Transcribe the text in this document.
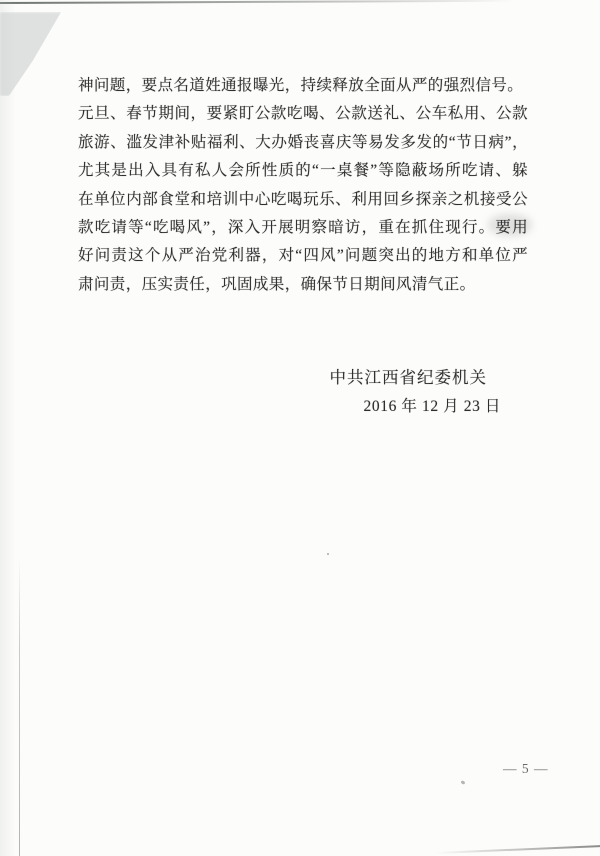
神问题，要点名道姓通报曝光，持续释放全面从严的强烈信号。
元旦、春节期间，要紧盯公款吃喝、公款送礼、公车私用、公款
旅游、滥发津补贴福利、大办婚丧喜庆等易发多发的“节日病”，
尤其是出入具有私人会所性质的“一桌餐”等隐蔽场所吃请、躲
在单位内部食堂和培训中心吃喝玩乐、利用回乡探亲之机接受公
款吃请等“吃喝风”，深入开展明察暗访，重在抓住现行。要用
好问责这个从严治党利器，对“四风”问题突出的地方和单位严
肃问责，压实责任，巩固成果，确保节日期间风清气正。
中共江西省纪委机关
2016 年 12 月 23 日
— 5 —
